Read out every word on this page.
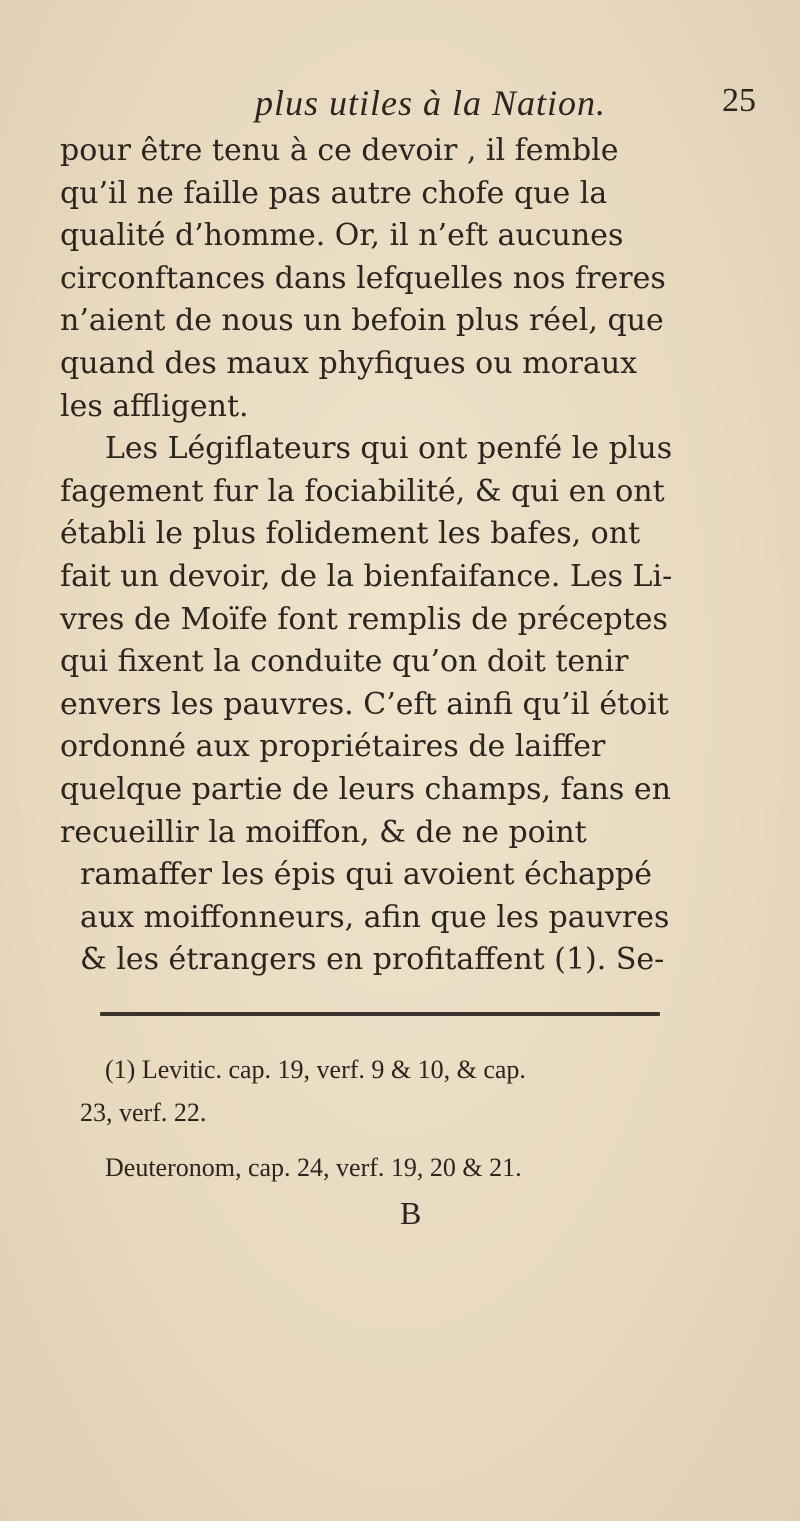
plus utiles à la Nation.	25
pour être tenu à ce devoir , il femble
qu’il ne faille pas autre chofe que la
qualité d’homme. Or, il n’eft aucunes
circonftances dans lefquelles nos freres
n’aient de nous un befoin plus réel, que
quand des maux phyfiques ou moraux
les affligent.
Les Légiflateurs qui ont penfé le plus
fagement fur la fociabilité, & qui en ont
établi le plus folidement les bafes, ont
fait un devoir, de la bienfaifance. Les Li-
vres de Moïfe font remplis de préceptes
qui fixent la conduite qu’on doit tenir
envers les pauvres. C’eft ainfi qu’il étoit
ordonné aux propriétaires de laiffer
quelque partie de leurs champs, fans en
recueillir la moiffon, & de ne point
ramaffer les épis qui avoient échappé
aux moiffonneurs, afin que les pauvres
& les étrangers en profitaffent (1). Se-
(1) Levitic. cap. 19, verf. 9 & 10, & cap.
23, verf. 22.
Deuteronom, cap. 24, verf. 19, 20 & 21.
B
